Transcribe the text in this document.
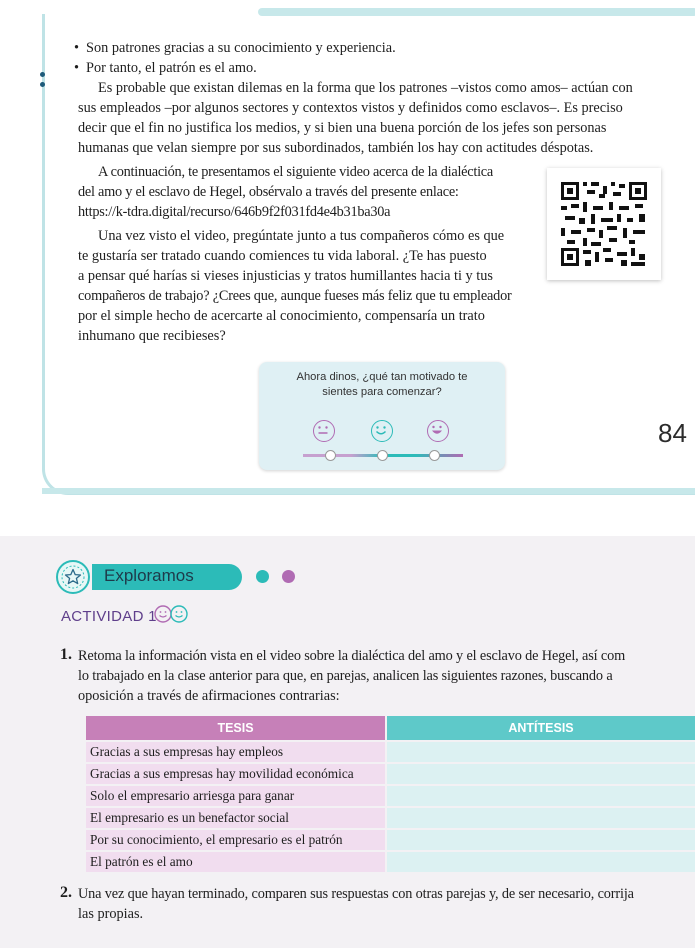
• Son patrones gracias a su conocimiento y experiencia.
• Por tanto, el patrón es el amo.

Es probable que existan dilemas en la forma que los patrones –vistos como amos– actúan con

sus empleados –por algunos sectores y contextos vistos y definidos como esclavos–. Es preciso

decir que el fin no justifica los medios, y si bien una buena porción de los jefes son personas

humanas que velan siempre por sus subordinados, también los hay con actitudes déspotas.

A continuación, te presentamos el siguiente video acerca de la dialéctica

del amo y el esclavo de Hegel, obsérvalo a través del presente enlace:

https://k-tdra.digital/recurso/646b9f2f031fd4e4b31ba30a

Una vez visto el video, pregúntate junto a tus compañeros cómo es que

te gustaría ser tratado cuando comiences tu vida laboral. ¿Te has puesto

a pensar qué harías si vieses injusticias y tratos humillantes hacia ti y tus

compañeros de trabajo? ¿Crees que, aunque fueses más feliz que tu empleador

por el simple hecho de acercarte al conocimiento, compensaría un trato

inhumano que recibieses?

Ahora dinos, ¿qué tan motivado te
sientes para comenzar?
84
Exploramos
ACTIVIDAD 1
1. Retoma la información vista en el video sobre la dialéctica del amo y el esclavo de Hegel, así com

lo trabajado en la clase anterior para que, en parejas, analicen las siguientes razones, buscando a

oposición a través de afirmaciones contrarias:

TESIS	ANTÍTESIS
Gracias a sus empresas hay empleos
Gracias a sus empresas hay movilidad económica
Solo el empresario arriesga para ganar
El empresario es un benefactor social
Por su conocimiento, el empresario es el patrón
El patrón es el amo
2. Una vez que hayan terminado, comparen sus respuestas con otras parejas y, de ser necesario, corrija

las propias.
